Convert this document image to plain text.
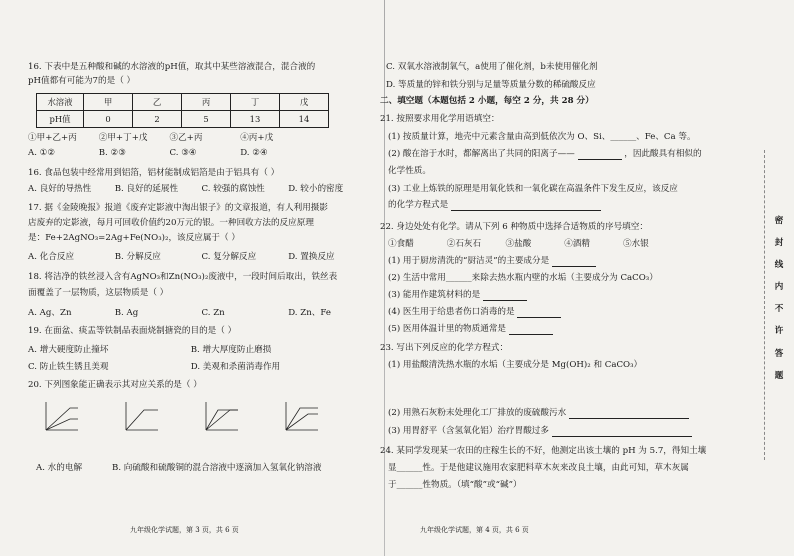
16. 下表中是五种酸和碱的水溶液的pH值，取其中某些溶液混合，混合液的
pH值都有可能为7的是（ ）
水溶液	甲	乙	丙	丁	戊
pH值	0	2	5	13	14
①甲+乙+丙	②甲+丁+戊	③乙+丙	④丙+戊
A. ①②	B. ②③	C. ③④	D. ②④
16. 食品包装中经常用到铝箔，铝材能制成铝箔是由于铝具有（ ）
A. 良好的导热性	B. 良好的延展性	C. 较强的腐蚀性	D. 较小的密度
17. 据《金陵晚报》报道《废弃定影液中淘出银子》的文章报道，有人利用摄影
店废弃的定影液，每月可回收价值约20万元的银。一种回收方法的反应原理
是：Fe+2AgNO₃=2Ag+Fe(NO₃)₂，该反应属于（ ）
A. 化合反应	B. 分解反应	C. 复分解反应	D. 置换反应
18. 将洁净的铁丝浸入含有AgNO₃和Zn(NO₃)₂废液中，一段时间后取出，铁丝表
面覆盖了一层物质，这层物质是（ ）
A. Ag、Zn	B. Ag	C. Zn	D. Zn、Fe
19. 在面盆、痰盂等铁制品表面烧制搪瓷的目的是（ ）
A. 增大硬度防止撞坏	B. 增大厚度防止磨损
C. 防止铁生锈且美观	D. 美观和杀菌消毒作用
20. 下列图象能正确表示其对应关系的是（ ）
A. 水的电解	B. 向硫酸和硫酸铜的混合溶液中逐滴加入氢氧化钠溶液
九年级化学试题，第 3 页，共 6 页
C. 双氧水溶液制氧气，a使用了催化剂，b未使用催化剂
D. 等质量的锌和铁分别与足量等质量分数的稀硫酸反应
二、填空题（本题包括 2 小题，每空 2 分，共 28 分）
21. 按照要求用化学用语填空：
(1) 按质量计算，地壳中元素含量由高到低依次为 O、Si、______、Fe、Ca 等。
(2) 酸在溶于水时，都解离出了共同的阳离子——	，因此酸具有相似的
化学性质。
(3) 工业上炼铁的原理是用氧化铁和一氧化碳在高温条件下发生反应，该反应
的化学方程式是
22. 身边处处有化学。请从下列 6 种物质中选择合适物质的序号填空：
①食醋	②石灰石	③盐酸	④酒精	⑤水银
(1) 用于厨房清洗的“厨洁灵”的主要成分是
(2) 生活中常用______来除去热水瓶内壁的水垢（主要成分为 CaCO₃）
(3) 能用作建筑材料的是
(4) 医生用于给患者伤口消毒的是
(5) 医用体温计里的物质通常是
23. 写出下列反应的化学方程式：
(1) 用盐酸清洗热水瓶的水垢（主要成分是 Mg(OH)₂ 和 CaCO₃）
(2) 用熟石灰粉末处理化工厂排放的废硫酸污水
(3) 用胃舒平（含氢氧化铝）治疗胃酸过多
24. 某同学发现某一农田的庄稼生长的不好，他测定出该土壤的 pH 为 5.7，得知土壤
显______性。于是他建议施用农家肥料草木灰来改良土壤，由此可知，草木灰属
于______性物质。（填“酸”或“碱”）
九年级化学试题，第 4 页，共 6 页
密
封
线
内
不
许
答
题
